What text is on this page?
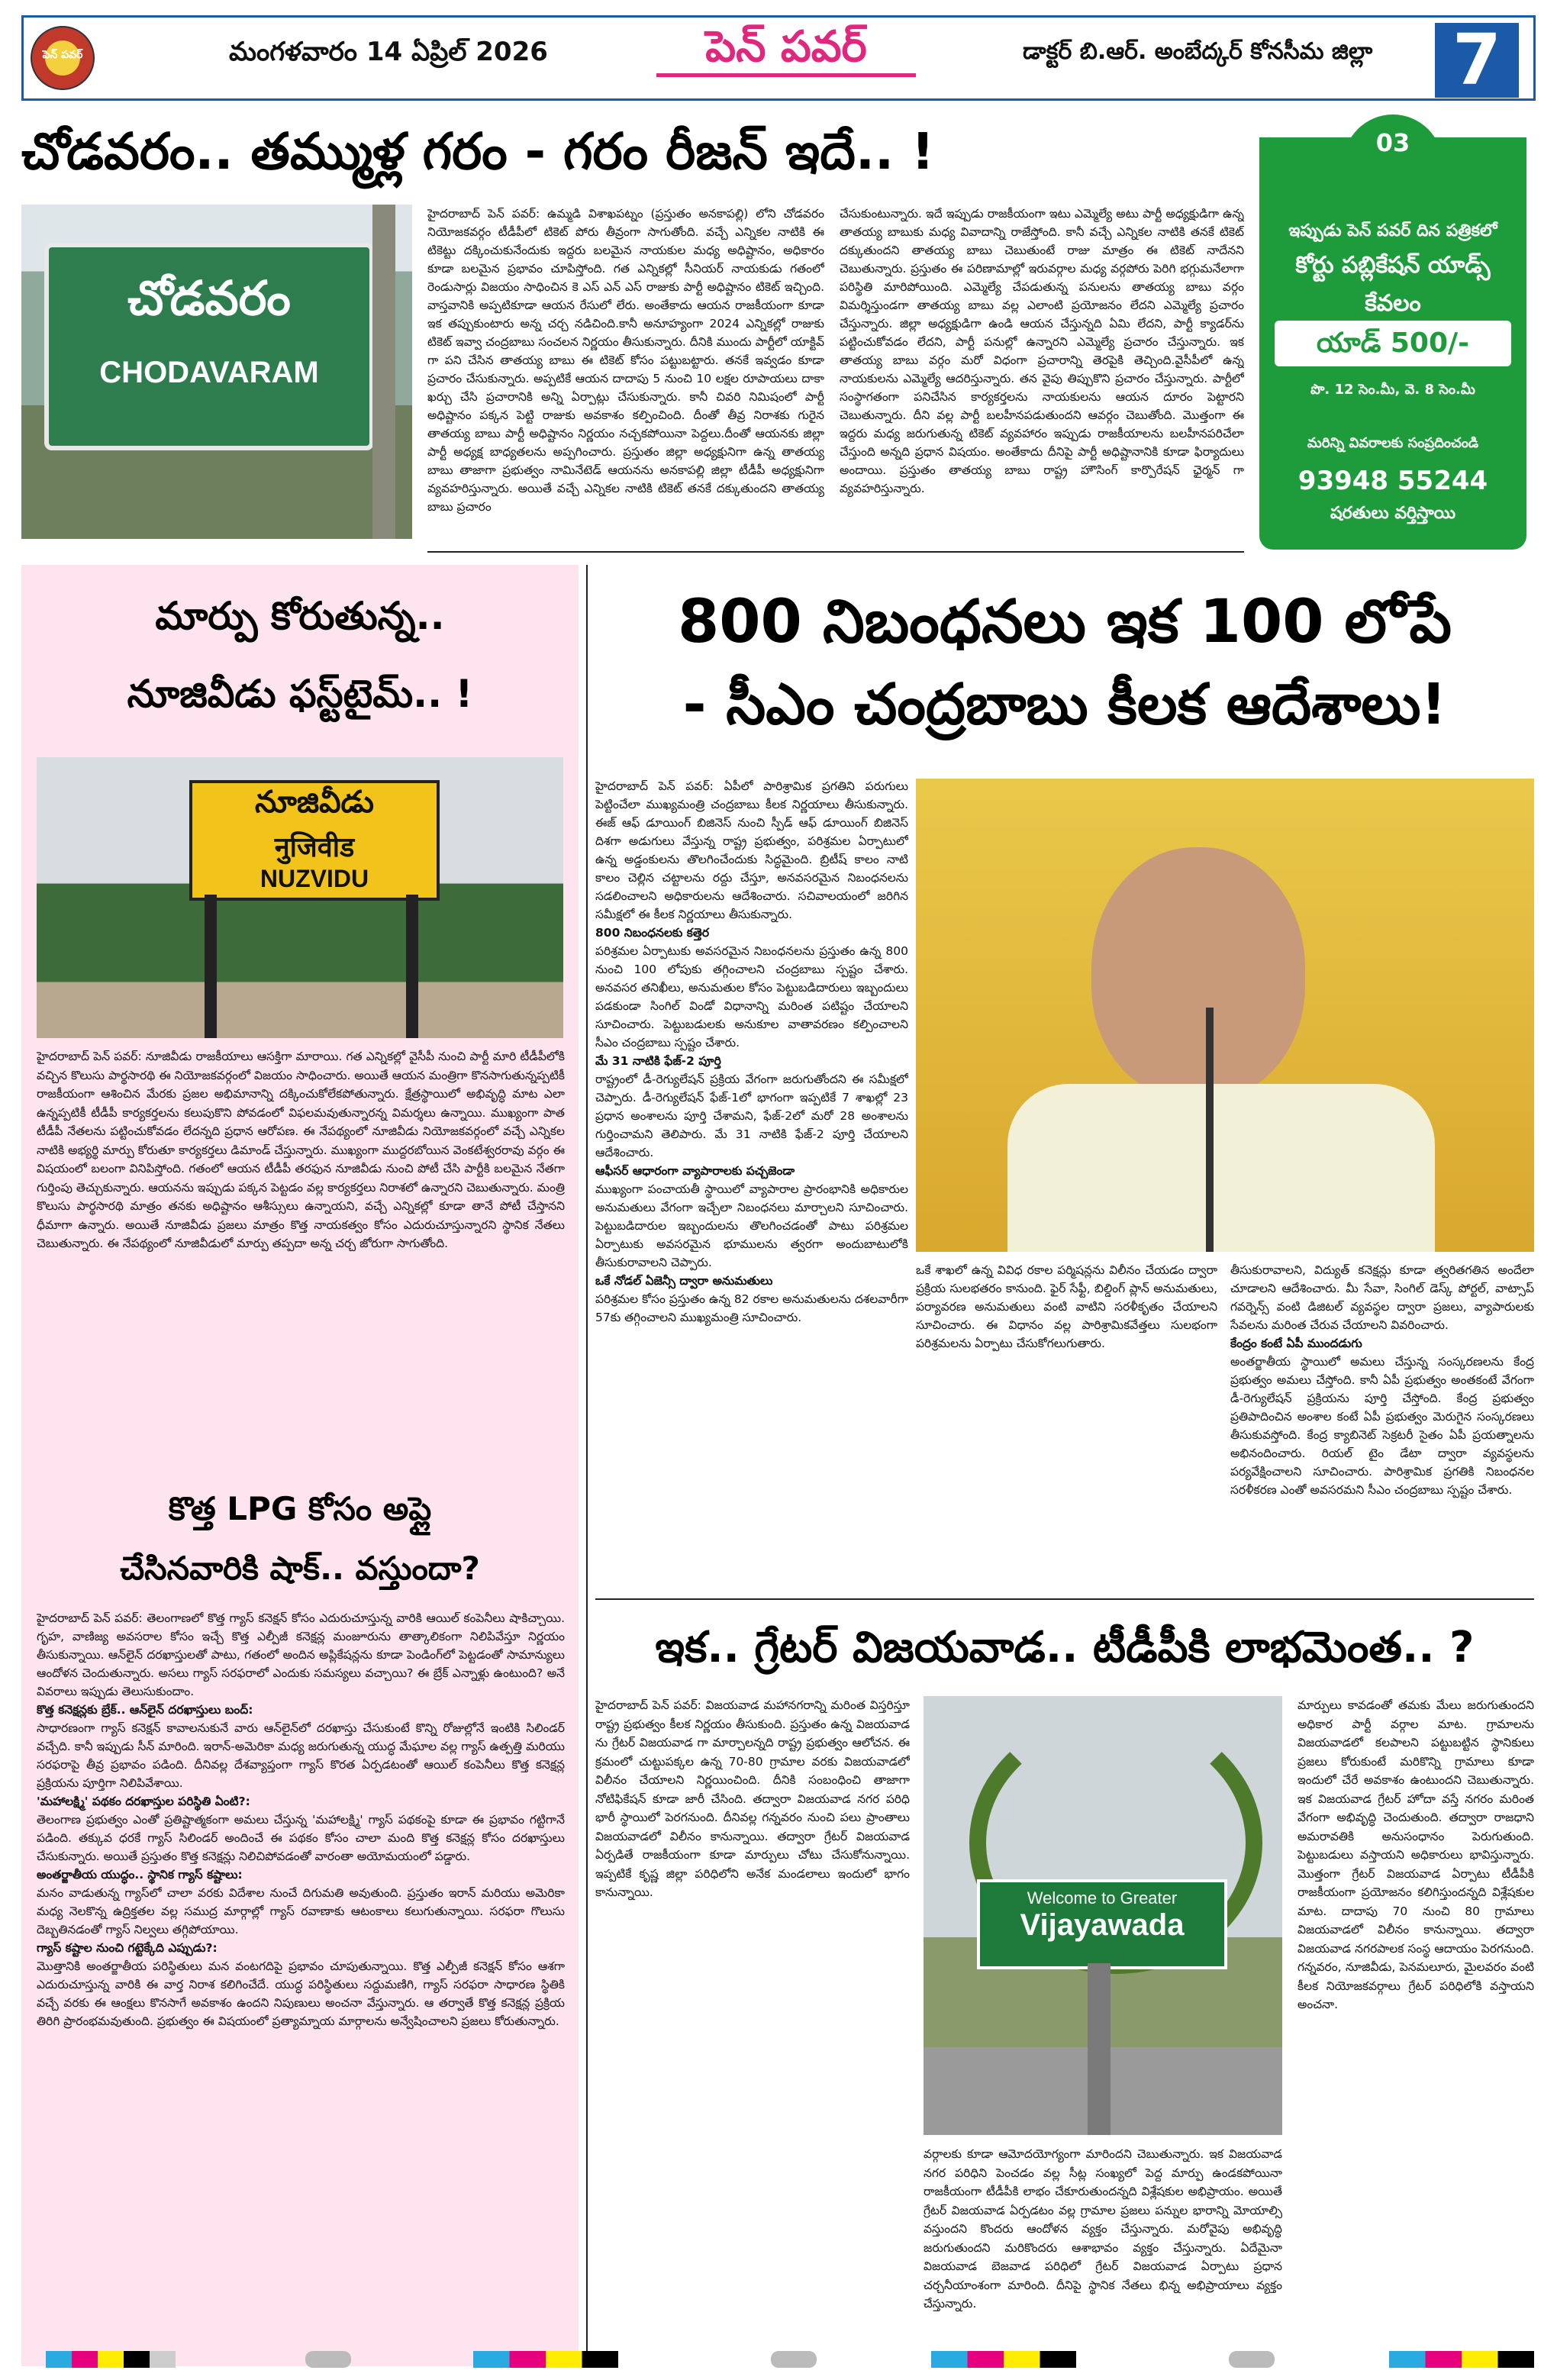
పెన్ పవర్	మంగళవారం 14 ఏప్రిల్ 2026	పెన్ పవర్	డాక్టర్ బి.ఆర్. అంబేద్కర్ కోనసీమ జిల్లా 7
చోడవరం.. తమ్ముళ్ల గరం - గరం రీజన్ ఇదే.. !
చోడవరం
CHODAVARAM
హైదరాబాద్ పెన్ పవర్: ఉమ్మడి విశాఖపట్నం (ప్రస్తుతం అనకాపల్లి) లోని చోడవరం నియోజకవర్గం టీడీపీలో టికెట్ పోరు తీవ్రంగా సాగుతోంది. వచ్చే ఎన్నికల నాటికి ఈ టికెట్టు దక్కించుకునేందుకు ఇద్దరు బలమైన నాయకుల మధ్య అధిష్టానం, అధికారం కూడా బలమైన ప్రభావం చూపిస్తోంది. గత ఎన్నికల్లో సీనియర్ నాయకుడు గతంలో రెండుసార్లు విజయం సాధించిన కె ఎస్ ఎన్ ఎస్ రాజుకు పార్టీ అధిష్టానం టికెట్ ఇచ్చింది. వాస్తవానికి అప్పటికూడా ఆయన రేసులో లేరు. అంతేకాదు ఆయన రాజకీయంగా కూడా ఇక తప్పుకుంటారు అన్న చర్చ నడిచింది.కానీ అనూహ్యంగా 2024 ఎన్నికల్లో రాజుకు టికెట్ ఇవ్వా చంద్రబాబు సంచలన నిర్ణయం తీసుకున్నారు. దీనికి ముందు పార్టీలో యాక్టివ్ గా పని చేసిన తాతయ్య బాబు ఈ టికెట్ కోసం పట్టుబట్టారు. తనకే ఇవ్వడం కూడా ప్రచారం చేసుకున్నారు. అప్పటికే ఆయన దాదాపు 5 నుంచి 10 లక్షల రూపాయలు దాకా ఖర్చు చేసి ప్రచారానికి అన్ని ఏర్పాట్లు చేసుకున్నారు. కానీ చివరి నిమిషంలో పార్టీ అధిష్టానం పక్కన పెట్టి రాజుకు అవకాశం కల్పించింది. దీంతో తీవ్ర నిరాశకు గురైన తాతయ్య బాబు పార్టీ అధిష్టానం నిర్ణయం నచ్చకపోయినా పెద్దలు.దీంతో ఆయనకు జిల్లా పార్టీ అధ్యక్ష బాధ్యతలను అప్పగించారు. ప్రస్తుతం జిల్లా అధ్యక్షునిగా ఉన్న తాతయ్య బాబు తాజాగా ప్రభుత్వం నామినేటెడ్ ఆయనను అనకాపల్లి జిల్లా టీడీపీ అధ్యక్షునిగా వ్యవహరిస్తున్నారు. అయితే వచ్చే ఎన్నికల నాటికి టికెట్ తనకే దక్కుతుందని తాతయ్య బాబు ప్రచారం
చేసుకుంటున్నారు. ఇదే ఇప్పుడు రాజకీయంగా ఇటు ఎమ్మెల్యే అటు పార్టీ అధ్యక్షుడిగా ఉన్న తాతయ్య బాబుకు మధ్య వివాదాన్ని రాజేస్తోంది. కానీ వచ్చే ఎన్నికల నాటికి తనకే టికెట్ దక్కుతుందని తాతయ్య బాబు చెబుతుంటే రాజు మాత్రం ఈ టికెట్ నాదేనని చెబుతున్నారు. ప్రస్తుతం ఈ పరిణామాల్లో ఇరువర్గాల మధ్య వర్గపోరు పెరిగి భగ్గుమనేలాగా పరిస్థితి మారిపోయింది. ఎమ్మెల్యే చేపడుతున్న పనులను తాతయ్య బాబు వర్గం విమర్శిస్తుండగా తాతయ్య బాబు వల్ల ఎలాంటి ప్రయోజనం లేదని ఎమ్మెల్యే ప్రచారం చేస్తున్నారు. జిల్లా అధ్యక్షుడిగా ఉండి ఆయన చేస్తున్నది ఏమి లేదని, పార్టీ క్యాడర్‌ను పట్టించుకోవడం లేదని, పార్టీ పనుల్లో ఉన్నారని ఎమ్మెల్యే ప్రచారం చేస్తున్నారు. ఇక తాతయ్య బాబు వర్గం మరో విధంగా ప్రచారాన్ని తెరపైకి తెచ్చింది.వైసీపీలో ఉన్న నాయకులను ఎమ్మెల్యే ఆదరిస్తున్నారు. తన వైపు తిప్పుకొని ప్రచారం చేస్తున్నారు. పార్టీలో సంస్థాగతంగా పనిచేసిన కార్యకర్తలను నాయకులను ఆయన దూరం పెట్టారని చెబుతున్నారు. దీని వల్ల పార్టీ బలహీనపడుతుందని ఆవర్గం చెబుతోంది. మొత్తంగా ఈ ఇద్దరు మధ్య జరుగుతున్న టికెట్ వ్యవహారం ఇప్పుడు రాజకీయాలను బలహీనపరిచేలా చేస్తుంది అన్నది ప్రధాన విషయం. అంతేకాదు దీనిపై పార్టీ అధిష్టానానికి కూడా ఫిర్యాదులు అందాయి. ప్రస్తుతం తాతయ్య బాబు రాష్ట్ర హౌసింగ్ కార్పొరేషన్ ఛైర్మన్ గా వ్యవహరిస్తున్నారు.
03
ఇప్పుడు పెన్ పవర్ దిన పత్రికలో
కోర్టు పబ్లికేషన్ యాడ్స్
కేవలం
యాడ్ 500/-
పొ. 12 సెం.మీ, వె. 8 సెం.మీ
మరిన్ని వివరాలకు సంప్రదించండి
93948 55244
షరతులు వర్తిస్తాయి
మార్పు కోరుతున్న..
నూజివీడు ఫస్ట్‌టైమ్.. !
నూజివీడు
नुजिवीड
NUZVIDU
హైదరాబాద్ పెన్ పవర్: నూజివీడు రాజకీయాలు ఆసక్తిగా మారాయి. గత ఎన్నికల్లో వైసీపీ నుంచి పార్టీ మారి టీడీపీలోకి వచ్చిన కొలుసు పార్థసారథి ఈ నియోజకవర్గంలో విజయం సాధించారు. అయితే ఆయన మంత్రిగా కొనసాగుతున్నప్పటికీ రాజకీయంగా ఆశించిన మేరకు ప్రజల అభిమానాన్ని దక్కించుకోలేకపోతున్నారు. క్షేత్రస్థాయిలో అభివృద్ధి మాట ఎలా ఉన్నప్పటికీ టీడీపీ కార్యకర్తలను కలుపుకొని పోవడంలో విఫలమవుతున్నారన్న విమర్శలు ఉన్నాయి. ముఖ్యంగా పాత టీడీపీ నేతలను పట్టించుకోవడం లేదన్నది ప్రధాన ఆరోపణ. ఈ నేపథ్యంలో నూజివీడు నియోజకవర్గంలో వచ్చే ఎన్నికల నాటికి అభ్యర్థి మార్పు కోరుతూ కార్యకర్తలు డిమాండ్ చేస్తున్నారు. ముఖ్యంగా ముద్దరబోయిన వెంకటేశ్వరరావు వర్గం ఈ విషయంలో బలంగా వినిపిస్తోంది. గతంలో ఆయన టీడీపీ తరఫున నూజివీడు నుంచి పోటీ చేసి పార్టీకి బలమైన నేతగా గుర్తింపు తెచ్చుకున్నారు. ఆయనను ఇప్పుడు పక్కన పెట్టడం వల్ల కార్యకర్తలు నిరాశలో ఉన్నారని చెబుతున్నారు. మంత్రి కొలుసు పార్థసారథి మాత్రం తనకు అధిష్టానం ఆశీస్సులు ఉన్నాయని, వచ్చే ఎన్నికల్లో కూడా తానే పోటీ చేస్తానని ధీమాగా ఉన్నారు. అయితే నూజివీడు ప్రజలు మాత్రం కొత్త నాయకత్వం కోసం ఎదురుచూస్తున్నారని స్థానిక నేతలు చెబుతున్నారు. ఈ నేపథ్యంలో నూజివీడులో మార్పు తప్పదా అన్న చర్చ జోరుగా సాగుతోంది.
కొత్త LPG కోసం అప్లై
చేసినవారికి షాక్.. వస్తుందా?
హైదరాబాద్ పెన్ పవర్: తెలంగాణలో కొత్త గ్యాస్ కనెక్షన్ కోసం ఎదురుచూస్తున్న వారికి ఆయిల్ కంపెనీలు షాకిచ్చాయి. గృహ, వాణిజ్య అవసరాల కోసం ఇచ్చే కొత్త ఎల్పీజీ కనెక్షన్ల మంజూరును తాత్కాలికంగా నిలిపివేస్తూ నిర్ణయం తీసుకున్నాయి. ఆన్‌లైన్ దరఖాస్తులతో పాటు, గతంలో అందిన అప్లికేషన్లను కూడా పెండింగ్‌లో పెట్టడంతో సామాన్యులు ఆందోళన చెందుతున్నారు. అసలు గ్యాస్ సరఫరాలో ఎందుకు సమస్యలు వచ్చాయి? ఈ బ్రేక్ ఎన్నాళ్లు ఉంటుంది? అనే వివరాలు ఇప్పుడు తెలుసుకుందాం.
కొత్త కనెక్షన్లకు బ్రేక్.. ఆన్‌లైన్ దరఖాస్తులు బంద్:
సాధారణంగా గ్యాస్ కనెక్షన్ కావాలనుకునే వారు ఆన్‌లైన్‌లో దరఖాస్తు చేసుకుంటే కొన్ని రోజుల్లోనే ఇంటికి సిలిండర్ వచ్చేది. కానీ ఇప్పుడు సీన్ మారింది. ఇరాన్-అమెరికా మధ్య జరుగుతున్న యుద్ధ మేఘాల వల్ల గ్యాస్ ఉత్పత్తి మరియు సరఫరాపై తీవ్ర ప్రభావం పడింది. దీనివల్ల దేశవ్యాప్తంగా గ్యాస్ కొరత ఏర్పడటంతో ఆయిల్ కంపెనీలు కొత్త కనెక్షన్ల ప్రక్రియను పూర్తిగా నిలిపివేశాయి.
'మహాలక్ష్మి' పథకం దరఖాస్తుల పరిస్థితి ఏంటి?:
తెలంగాణ ప్రభుత్వం ఎంతో ప్రతిష్టాత్మకంగా అమలు చేస్తున్న 'మహాలక్ష్మి' గ్యాస్ పథకంపై కూడా ఈ ప్రభావం గట్టిగానే పడింది. తక్కువ ధరకే గ్యాస్ సిలిండర్ అందించే ఈ పథకం కోసం చాలా మంది కొత్త కనెక్షన్ల కోసం దరఖాస్తులు చేసుకున్నారు. అయితే ప్రస్తుతం కొత్త కనెక్షన్లు నిలిచిపోవడంతో వారంతా అయోమయంలో పడ్డారు.
అంతర్జాతీయ యుద్ధం.. స్థానిక గ్యాస్ కష్టాలు:
మనం వాడుతున్న గ్యాస్‌లో చాలా వరకు విదేశాల నుంచే దిగుమతి అవుతుంది. ప్రస్తుతం ఇరాన్ మరియు అమెరికా మధ్య నెలకొన్న ఉద్రిక్తతల వల్ల సముద్ర మార్గాల్లో గ్యాస్ రవాణాకు ఆటంకాలు కలుగుతున్నాయి. సరఫరా గొలుసు దెబ్బతినడంతో గ్యాస్ నిల్వలు తగ్గిపోయాయి.
గ్యాస్ కష్టాల నుంచి గట్టెక్కేది ఎప్పుడు?:
మొత్తానికి అంతర్జాతీయ పరిస్థితులు మన వంటగదిపై ప్రభావం చూపుతున్నాయి. కొత్త ఎల్పీజీ కనెక్షన్ కోసం ఆశగా ఎదురుచూస్తున్న వారికి ఈ వార్త నిరాశ కలిగించేదే. యుద్ధ పరిస్థితులు సద్దుమణిగి, గ్యాస్ సరఫరా సాధారణ స్థితికి వచ్చే వరకు ఈ ఆంక్షలు కొనసాగే అవకాశం ఉందని నిపుణులు అంచనా వేస్తున్నారు. ఆ తర్వాతే కొత్త కనెక్షన్ల ప్రక్రియ తిరిగి ప్రారంభమవుతుంది. ప్రభుత్వం ఈ విషయంలో ప్రత్యామ్నాయ మార్గాలను అన్వేషించాలని ప్రజలు కోరుతున్నారు.
800 నిబంధనలు ఇక 100 లోపే
- సీఎం చంద్రబాబు కీలక ఆదేశాలు!
హైదరాబాద్ పెన్ పవర్: ఏపీలో పారిశ్రామిక ప్రగతిని పరుగులు పెట్టించేలా ముఖ్యమంత్రి చంద్రబాబు కీలక నిర్ణయాలు తీసుకున్నారు. ఈజ్ ఆఫ్ డూయింగ్ బిజినెస్ నుంచి స్పీడ్ ఆఫ్ డూయింగ్ బిజినెస్ దిశగా అడుగులు వేస్తున్న రాష్ట్ర ప్రభుత్వం, పరిశ్రమల ఏర్పాటులో ఉన్న అడ్డంకులను తొలగించేందుకు సిద్ధమైంది. బ్రిటీష్ కాలం నాటి కాలం చెల్లిన చట్టాలను రద్దు చేస్తూ, అనవసరమైన నిబంధనలను సడలించాలని అధికారులను ఆదేశించారు. సచివాలయంలో జరిగిన సమీక్షలో ఈ కీలక నిర్ణయాలు తీసుకున్నారు.
800 నిబంధనలకు కత్తెర
పరిశ్రమల ఏర్పాటుకు అవసరమైన నిబంధనలను ప్రస్తుతం ఉన్న 800 నుంచి 100 లోపుకు తగ్గించాలని చంద్రబాబు స్పష్టం చేశారు. అనవసర తనిఖీలు, అనుమతుల కోసం పెట్టుబడిదారులు ఇబ్బందులు పడకుండా సింగిల్ విండో విధానాన్ని మరింత పటిష్టం చేయాలని సూచించారు. పెట్టుబడులకు అనుకూల వాతావరణం కల్పించాలని సీఎం చంద్రబాబు స్పష్టం చేశారు.
మే 31 నాటికి ఫేజ్-2 పూర్తి
రాష్ట్రంలో డీ-రెగ్యులేషన్ ప్రక్రియ వేగంగా జరుగుతోందని ఈ సమీక్షలో చెప్పారు. డీ-రెగ్యులేషన్ ఫేజ్-1లో భాగంగా ఇప్పటికే 7 శాఖల్లో 23 ప్రధాన అంశాలను పూర్తి చేశామని, ఫేజ్-2లో మరో 28 అంశాలను గుర్తించామని తెలిపారు. మే 31 నాటికి ఫేజ్-2 పూర్తి చేయాలని ఆదేశించారు.
ఆఫీసర్ ఆధారంగా వ్యాపారాలకు పచ్చజెండా
ముఖ్యంగా పంచాయతీ స్థాయిలో వ్యాపారాల ప్రారంభానికి అధికారుల అనుమతులు వేగంగా ఇచ్చేలా నిబంధనలు మార్చాలని సూచించారు. పెట్టుబడిదారుల ఇబ్బందులను తొలగించడంతో పాటు పరిశ్రమల ఏర్పాటుకు అవసరమైన భూములను త్వరగా అందుబాటులోకి తీసుకురావాలని చెప్పారు.
ఒకే నోడల్ ఏజెన్సీ ద్వారా అనుమతులు
పరిశ్రమల కోసం ప్రస్తుతం ఉన్న 82 రకాల అనుమతులను దశలవారీగా 57కు తగ్గించాలని ముఖ్యమంత్రి సూచించారు.
ఒకే శాఖలో ఉన్న వివిధ రకాల పర్మిషన్లను విలీనం చేయడం ద్వారా ప్రక్రియ సులభతరం కానుంది. ఫైర్ సేఫ్టీ, బిల్డింగ్ ప్లాన్ అనుమతులు, పర్యావరణ అనుమతులు వంటి వాటిని సరళీకృతం చేయాలని సూచించారు. ఈ విధానం వల్ల పారిశ్రామికవేత్తలు సులభంగా పరిశ్రమలను ఏర్పాటు చేసుకోగలుగుతారు.
తీసుకురావాలని, విద్యుత్ కనెక్షన్లు కూడా త్వరితగతిన అందేలా చూడాలని ఆదేశించారు. మీ సేవా, సింగిల్ డెస్క్ పోర్టల్, వాట్సాప్ గవర్నెన్స్ వంటి డిజిటల్ వ్యవస్థల ద్వారా ప్రజలు, వ్యాపారులకు సేవలను మరింత చేరువ చేయాలని వివరించారు.
కేంద్రం కంటే ఏపీ ముందడుగు
అంతర్జాతీయ స్థాయిలో అమలు చేస్తున్న సంస్కరణలను కేంద్ర ప్రభుత్వం అమలు చేస్తోంది. కానీ ఏపీ ప్రభుత్వం అంతకంటే వేగంగా డీ-రెగ్యులేషన్ ప్రక్రియను పూర్తి చేస్తోంది. కేంద్ర ప్రభుత్వం ప్రతిపాదించిన అంశాల కంటే ఏపీ ప్రభుత్వం మెరుగైన సంస్కరణలు తీసుకువస్తోంది. కేంద్ర క్యాబినెట్ సెక్రటరీ సైతం ఏపీ ప్రయత్నాలను అభినందించారు. రియల్ టైం డేటా ద్వారా వ్యవస్థలను పర్యవేక్షించాలని సూచించారు. పారిశ్రామిక ప్రగతికి నిబంధనల సరళీకరణ ఎంతో అవసరమని సీఎం చంద్రబాబు స్పష్టం చేశారు.
ఇక.. గ్రేటర్ విజయవాడ.. టీడీపీకి లాభమెంత.. ?
హైదరాబాద్ పెన్ పవర్: విజయవాడ మహానగరాన్ని మరింత విస్తరిస్తూ రాష్ట్ర ప్రభుత్వం కీలక నిర్ణయం తీసుకుంది. ప్రస్తుతం ఉన్న విజయవాడ ను గ్రేటర్ విజయవాడ గా మార్చాలన్నది రాష్ట్ర ప్రభుత్వం ఆలోచన. ఈ క్రమంలో చుట్టుపక్కల ఉన్న 70-80 గ్రామాల వరకు విజయవాడలో విలీనం చేయాలని నిర్ణయించింది. దీనికి సంబంధించి తాజాగా నోటిఫికేషన్ కూడా జారీ చేసింది. తద్వారా విజయవాడ నగర పరిధి భారీ స్థాయిలో పెరగనుంది. దీనివల్ల గన్నవరం నుంచి పలు ప్రాంతాలు విజయవాడలో విలీనం కానున్నాయి. తద్వారా గ్రేటర్ విజయవాడ ఏర్పడితే రాజకీయంగా కూడా మార్పులు చోటు చేసుకోనున్నాయి. ఇప్పటికే కృష్ణ జిల్లా పరిధిలోని అనేక మండలాలు ఇందులో భాగం కానున్నాయి.	Welcome to Greater
Vijayawada
వర్గాలకు కూడా ఆమోదయోగ్యంగా మారిందని చెబుతున్నారు. ఇక విజయవాడ నగర పరిధిని పెంచడం వల్ల సీట్ల సంఖ్యలో పెద్ద మార్పు ఉండకపోయినా రాజకీయంగా టీడీపీకి లాభం చేకూరుతుందన్నది విశ్లేషకుల అభిప్రాయం. అయితే గ్రేటర్ విజయవాడ ఏర్పడటం వల్ల గ్రామాల ప్రజలు పన్నుల భారాన్ని మోయాల్సి వస్తుందని కొందరు ఆందోళన వ్యక్తం చేస్తున్నారు. మరోవైపు అభివృద్ధి జరుగుతుందని మరికొందరు ఆశాభావం వ్యక్తం చేస్తున్నారు. ఏదేమైనా విజయవాడ బెజవాడ పరిధిలో గ్రేటర్ విజయవాడ ఏర్పాటు ప్రధాన చర్చనీయాంశంగా మారింది. దీనిపై స్థానిక నేతలు భిన్న అభిప్రాయాలు వ్యక్తం చేస్తున్నారు.
మార్పులు కావడంతో తమకు మేలు జరుగుతుందని అధికార పార్టీ వర్గాల మాట. గ్రామాలను విజయవాడలో కలపాలని పట్టుబట్టిన స్థానికులు ప్రజలు కోరుకుంటే మరికొన్ని గ్రామాలు కూడా ఇందులో చేరే అవకాశం ఉంటుందని చెబుతున్నారు. ఇక విజయవాడ గ్రేటర్ హోదా వస్తే నగరం మరింత వేగంగా అభివృద్ధి చెందుతుంది. తద్వారా రాజధాని అమరావతికి అనుసంధానం పెరుగుతుంది. పెట్టుబడులు వస్తాయని అధికారులు భావిస్తున్నారు. మొత్తంగా గ్రేటర్ విజయవాడ ఏర్పాటు టీడీపీకి రాజకీయంగా ప్రయోజనం కలిగిస్తుందన్నది విశ్లేషకుల మాట. దాదాపు 70 నుంచి 80 గ్రామాలు విజయవాడలో విలీనం కానున్నాయి. తద్వారా విజయవాడ నగరపాలక సంస్థ ఆదాయం పెరగనుంది. గన్నవరం, నూజివీడు, పెనమలూరు, మైలవరం వంటి కీలక నియోజకవర్గాలు గ్రేటర్ పరిధిలోకి వస్తాయని అంచనా.
